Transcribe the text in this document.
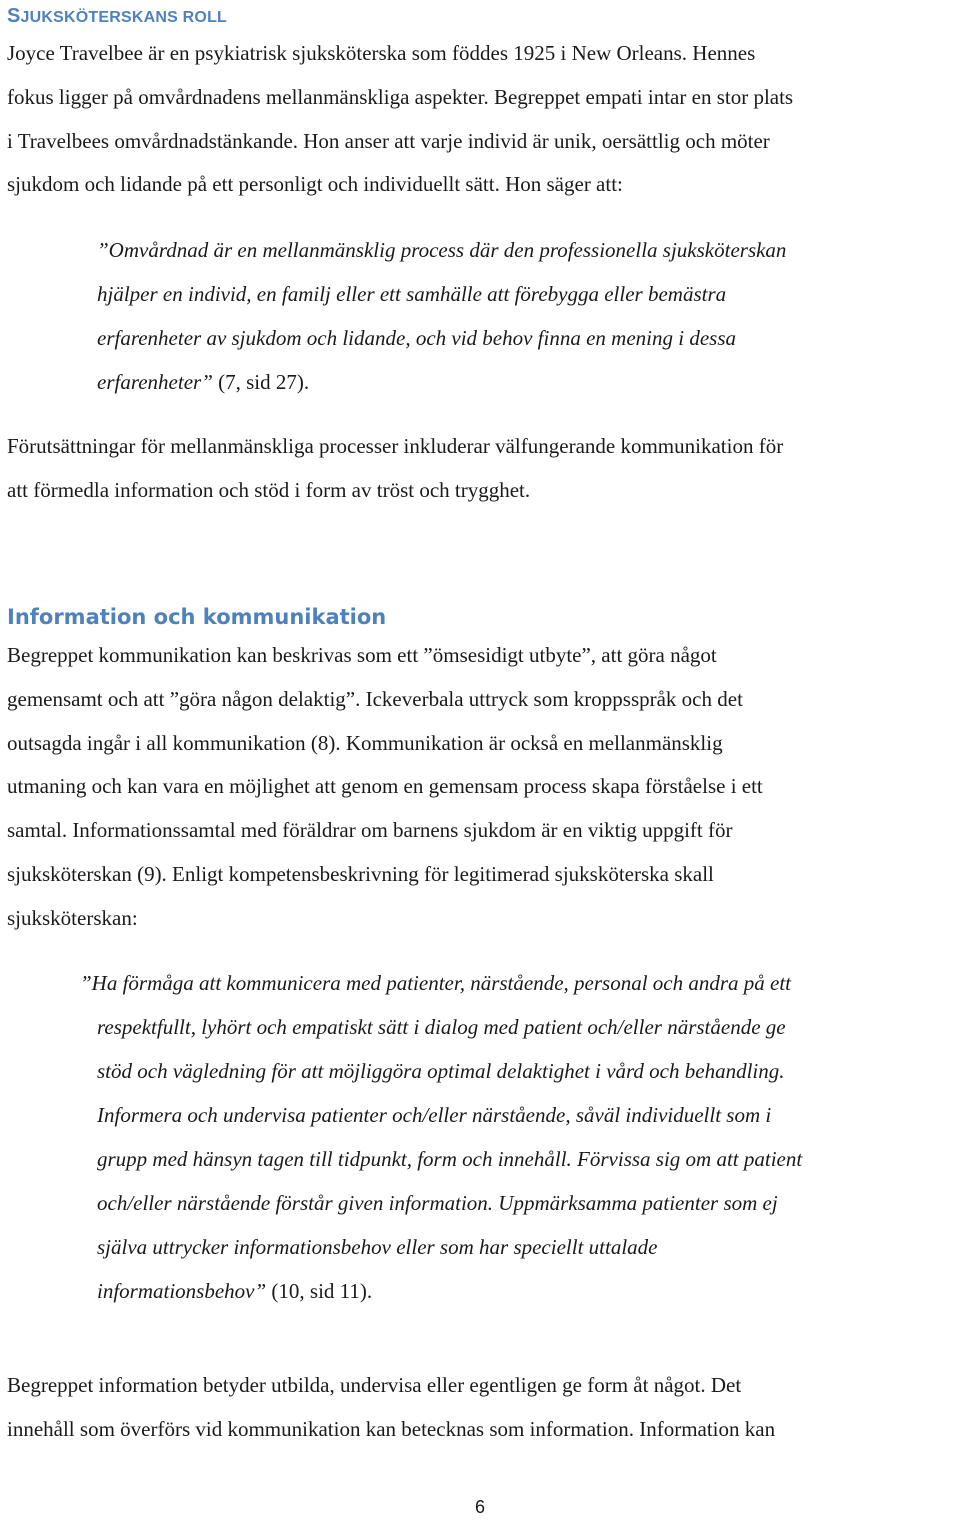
SJUKSKÖTERSKANS ROLL
Joyce Travelbee är en psykiatrisk sjuksköterska som föddes 1925 i New Orleans. Hennes
fokus ligger på omvårdnadens mellanmänskliga aspekter. Begreppet empati intar en stor plats
i Travelbees omvårdnadstänkande. Hon anser att varje individ är unik, oersättlig och möter
sjukdom och lidande på ett personligt och individuellt sätt. Hon säger att:
”Omvårdnad är en mellanmänsklig process där den professionella sjuksköterskan
hjälper en individ, en familj eller ett samhälle att förebygga eller bemästra
erfarenheter av sjukdom och lidande, och vid behov finna en mening i dessa
erfarenheter” (7, sid 27).
Förutsättningar för mellanmänskliga processer inkluderar välfungerande kommunikation för
att förmedla information och stöd i form av tröst och trygghet.
Information och kommunikation
Begreppet kommunikation kan beskrivas som ett ”ömsesidigt utbyte”, att göra något
gemensamt och att ”göra någon delaktig”. Ickeverbala uttryck som kroppsspråk och det
outsagda ingår i all kommunikation (8). Kommunikation är också en mellanmänsklig
utmaning och kan vara en möjlighet att genom en gemensam process skapa förståelse i ett
samtal. Informationssamtal med föräldrar om barnens sjukdom är en viktig uppgift för
sjuksköterskan (9). Enligt kompetensbeskrivning för legitimerad sjuksköterska skall
sjuksköterskan:
”Ha förmåga att kommunicera med patienter, närstående, personal och andra på ett
respektfullt, lyhört och empatiskt sätt i dialog med patient och/eller närstående ge
stöd och vägledning för att möjliggöra optimal delaktighet i vård och behandling.
Informera och undervisa patienter och/eller närstående, såväl individuellt som i
grupp med hänsyn tagen till tidpunkt, form och innehåll. Förvissa sig om att patient
och/eller närstående förstår given information. Uppmärksamma patienter som ej
själva uttrycker informationsbehov eller som har speciellt uttalade
informationsbehov” (10, sid 11).
Begreppet information betyder utbilda, undervisa eller egentligen ge form åt något. Det
innehåll som överförs vid kommunikation kan betecknas som information. Information kan
6
